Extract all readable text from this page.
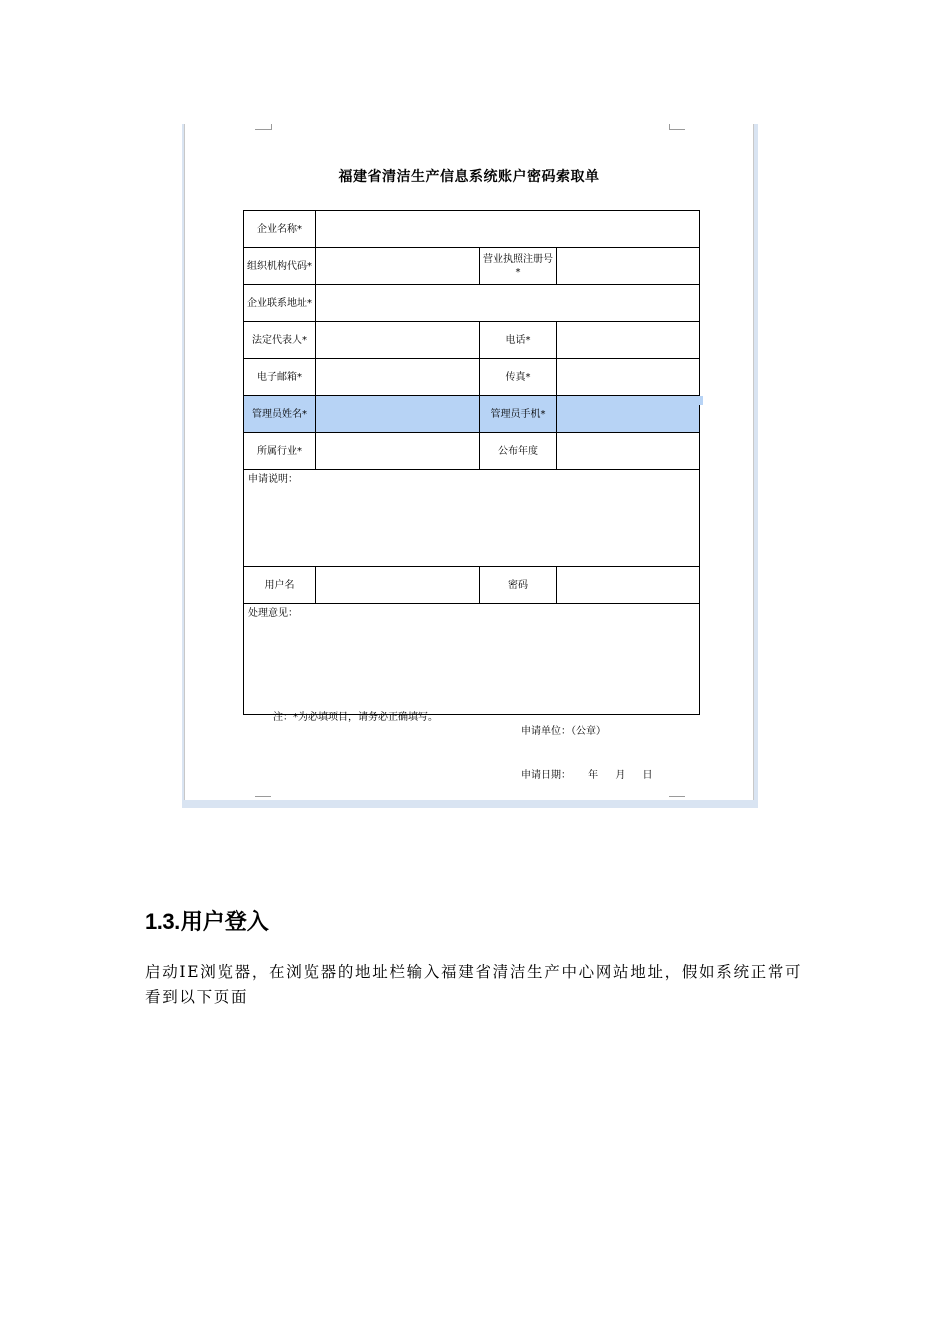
福建省清洁生产信息系统账户密码索取单
企业名称*			
组织机构代码*		营业执照注册号*	
企业联系地址*			
法定代表人*		电话*	
电子邮箱*		传真*	
管理员姓名*		管理员手机*	
所属行业*		公布年度	
申请说明：			
用户名		密码	
处理意见：			
注：*为必填项目，请务必正确填写。
申请单位：（公章）
申请日期： 年 月 日
1.3.用户登入
启动IE浏览器，在浏览器的地址栏输入福建省清洁生产中心网站地址，假如系统正常可看到以下页面
